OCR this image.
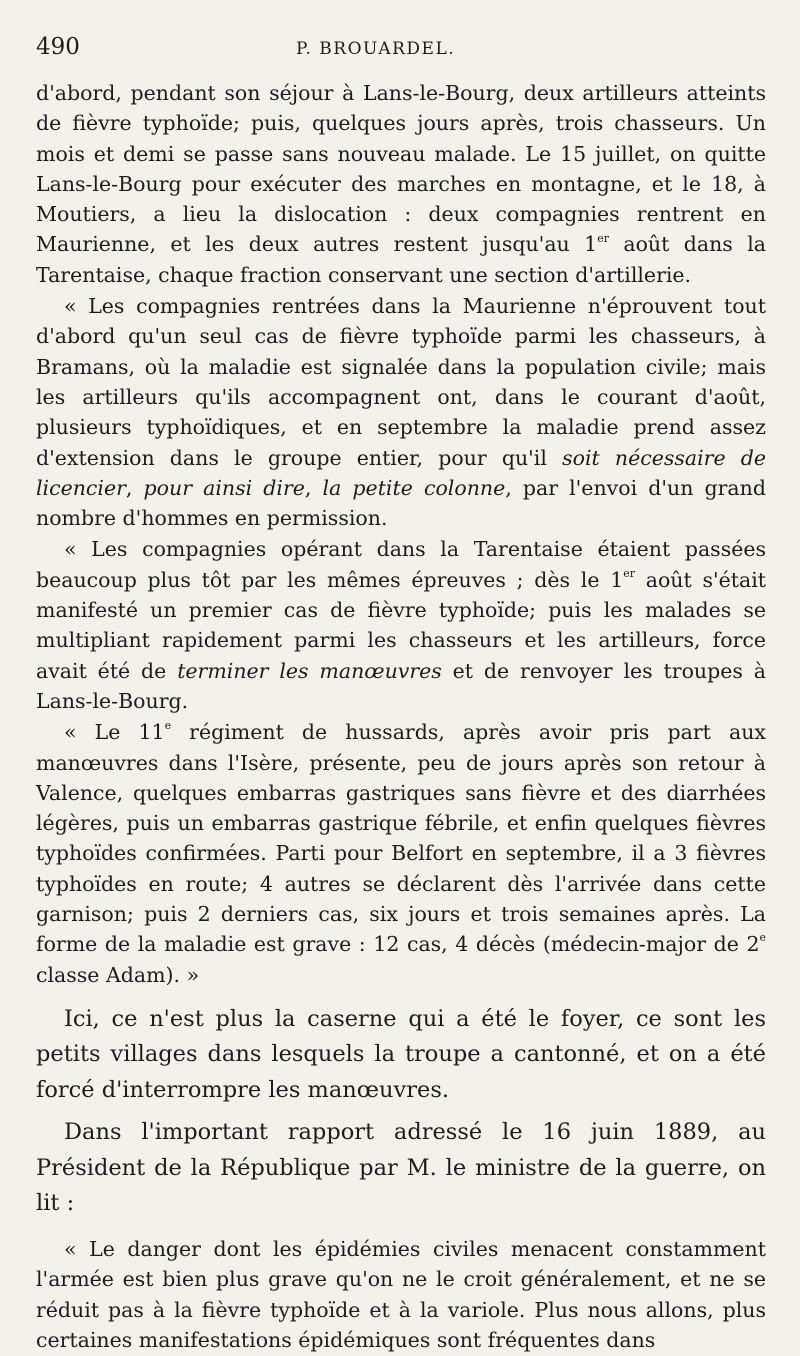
490	P. BROUARDEL.

d'abord, pendant son séjour à Lans-le-Bourg, deux artilleurs atteints de fièvre typhoïde; puis, quelques jours après, trois chasseurs. Un mois et demi se passe sans nouveau malade. Le 15 juillet, on quitte Lans-le-Bourg pour exécuter des marches en montagne, et le 18, à Moutiers, a lieu la dislocation : deux compagnies rentrent en Maurienne, et les deux autres restent jusqu'au 1er août dans la Tarentaise, chaque fraction conservant une section d'artillerie.

« Les compagnies rentrées dans la Maurienne n'éprouvent tout d'abord qu'un seul cas de fièvre typhoïde parmi les chasseurs, à Bramans, où la maladie est signalée dans la population civile; mais les artilleurs qu'ils accompagnent ont, dans le courant d'août, plusieurs typhoïdiques, et en septembre la maladie prend assez d'extension dans le groupe entier, pour qu'il soit nécessaire de licencier, pour ainsi dire, la petite colonne, par l'envoi d'un grand nombre d'hommes en permission.

« Les compagnies opérant dans la Tarentaise étaient passées beaucoup plus tôt par les mêmes épreuves ; dès le 1er août s'était manifesté un premier cas de fièvre typhoïde; puis les malades se multipliant rapidement parmi les chasseurs et les artilleurs, force avait été de terminer les manœuvres et de renvoyer les troupes à Lans-le-Bourg.

« Le 11e régiment de hussards, après avoir pris part aux manœuvres dans l'Isère, présente, peu de jours après son retour à Valence, quelques embarras gastriques sans fièvre et des diarrhées légères, puis un embarras gastrique fébrile, et enfin quelques fièvres typhoïdes confirmées. Parti pour Belfort en septembre, il a 3 fièvres typhoïdes en route; 4 autres se déclarent dès l'arrivée dans cette garnison; puis 2 derniers cas, six jours et trois semaines après. La forme de la maladie est grave : 12 cas, 4 décès (médecin-major de 2e classe Adam). »

Ici, ce n'est plus la caserne qui a été le foyer, ce sont les petits villages dans lesquels la troupe a cantonné, et on a été forcé d'interrompre les manœuvres.

Dans l'important rapport adressé le 16 juin 1889, au Président de la République par M. le ministre de la guerre, on lit :

« Le danger dont les épidémies civiles menacent constamment l'armée est bien plus grave qu'on ne le croit généralement, et ne se réduit pas à la fièvre typhoïde et à la variole. Plus nous allons, plus certaines manifestations épidémiques sont fréquentes dans
